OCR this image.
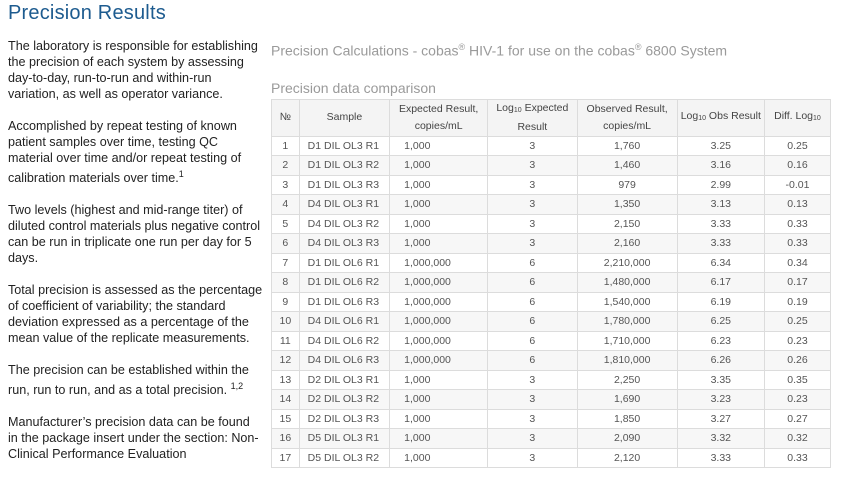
Precision Results

The laboratory is responsible for establishing the precision of each system by assessing day-to-day, run-to-run and within-run variation, as well as operator variance.

Accomplished by repeat testing of known patient samples over time, testing QC material over time and/or repeat testing of calibration materials over time.$^1$

Two levels (highest and mid-range titer) of diluted control materials plus negative control can be run in triplicate one run per day for 5 days.

Total precision is assessed as the percentage of coefficient of variability; the standard deviation expressed as a percentage of the mean value of the replicate measurements.

The precision can be established within the run, run to run, and as a total precision. $^{1,2}$

Manufacturer’s precision data can be found in the package insert under the section: Non-Clinical Performance Evaluation

Precision Calculations - cobas® HIV-1 for use on the cobas® 6800 System
Precision data comparison
№	Sample	Expected Result, copies/mL	Log$_{10}$ Expected Result	Observed Result, copies/mL	Log$_{10}$ Obs Result	Diff. Log$_{10}$
1	D1 DIL OL3 R1	1,000	3	1,760	3.25	0.25
2	D1 DIL OL3 R2	1,000	3	1,460	3.16	0.16
3	D1 DIL OL3 R3	1,000	3	979	2.99	-0.01
4	D4 DIL OL3 R1	1,000	3	1,350	3.13	0.13
5	D4 DIL OL3 R2	1,000	3	2,150	3.33	0.33
6	D4 DIL OL3 R3	1,000	3	2,160	3.33	0.33
7	D1 DIL OL6 R1	1,000,000	6	2,210,000	6.34	0.34
8	D1 DIL OL6 R2	1,000,000	6	1,480,000	6.17	0.17
9	D1 DIL OL6 R3	1,000,000	6	1,540,000	6.19	0.19
10	D4 DIL OL6 R1	1,000,000	6	1,780,000	6.25	0.25
11	D4 DIL OL6 R2	1,000,000	6	1,710,000	6.23	0.23
12	D4 DIL OL6 R3	1,000,000	6	1,810,000	6.26	0.26
13	D2 DIL OL3 R1	1,000	3	2,250	3.35	0.35
14	D2 DIL OL3 R2	1,000	3	1,690	3.23	0.23
15	D2 DIL OL3 R3	1,000	3	1,850	3.27	0.27
16	D5 DIL OL3 R1	1,000	3	2,090	3.32	0.32
17	D5 DIL OL3 R2	1,000	3	2,120	3.33	0.33
